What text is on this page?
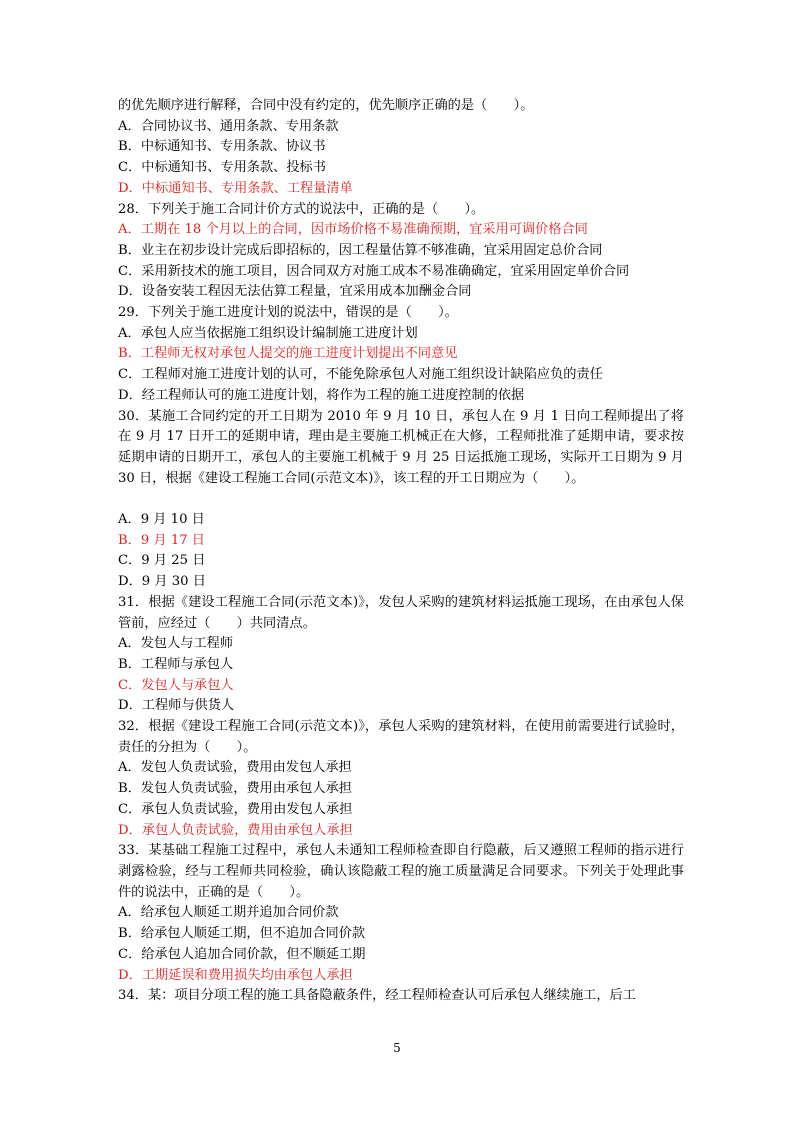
的优先顺序进行解释，合同中没有约定的，优先顺序正确的是（　　）。
A．合同协议书、通用条款、专用条款
B．中标通知书、专用条款、协议书
C．中标通知书、专用条款、投标书
D．中标通知书、专用条款、工程量清单
28．下列关于施工合同计价方式的说法中，正确的是（　　）。
A．工期在 18 个月以上的合同，因市场价格不易准确预期，宜采用可调价格合同
B．业主在初步设计完成后即招标的，因工程量估算不够准确，宜采用固定总价合同
C．采用新技术的施工项目，因合同双方对施工成本不易准确确定，宜采用固定单价合同
D．设备安装工程因无法估算工程量，宜采用成本加酬金合同
29．下列关于施工进度计划的说法中，错误的是（　　）。
A．承包人应当依据施工组织设计编制施工进度计划
B．工程师无权对承包人提交的施工进度计划提出不同意见
C．工程师对施工进度计划的认可，不能免除承包人对施工组织设计缺陷应负的责任
D．经工程师认可的施工进度计划，将作为工程的施工进度控制的依据
30．某施工合同约定的开工日期为 2010 年 9 月 10 日，承包人在 9 月 1 日向工程师提出了将在 9 月 17 日开工的延期申请，理由是主要施工机械正在大修，工程师批准了延期申请，要求按延期申请的日期开工，承包人的主要施工机械于 9 月 25 日运抵施工现场，实际开工日期为 9 月 30 日，根据《建设工程施工合同(示范文本)》，该工程的开工日期应为（　　）。
A．9 月 10 日
B．9 月 17 日
C．9 月 25 日
D．9 月 30 日
31．根据《建设工程施工合同(示范文本)》，发包人采购的建筑材料运抵施工现场，在由承包人保管前，应经过（　　）共同清点。
A．发包人与工程师
B．工程师与承包人
C．发包人与承包人
D．工程师与供货人
32．根据《建设工程施工合同(示范文本)》，承包人采购的建筑材料，在使用前需要进行试验时，责任的分担为（　　）。
A．发包人负责试验，费用由发包人承担
B．发包人负责试验，费用由承包人承担
C．承包人负责试验，费用由发包人承担
D．承包人负责试验，费用由承包人承担
33．某基础工程施工过程中，承包人未通知工程师检查即自行隐蔽，后又遵照工程师的指示进行剥露检验，经与工程师共同检验，确认该隐蔽工程的施工质量满足合同要求。下列关于处理此事件的说法中，正确的是（　　）。
A．给承包人顺延工期并追加合同价款
B．给承包人顺延工期，但不追加合同价款
C．给承包人追加合同价款，但不顺延工期
D．工期延误和费用损失均由承包人承担
34．某：项目分项工程的施工具备隐蔽条件，经工程师检查认可后承包人继续施工，后工
5
